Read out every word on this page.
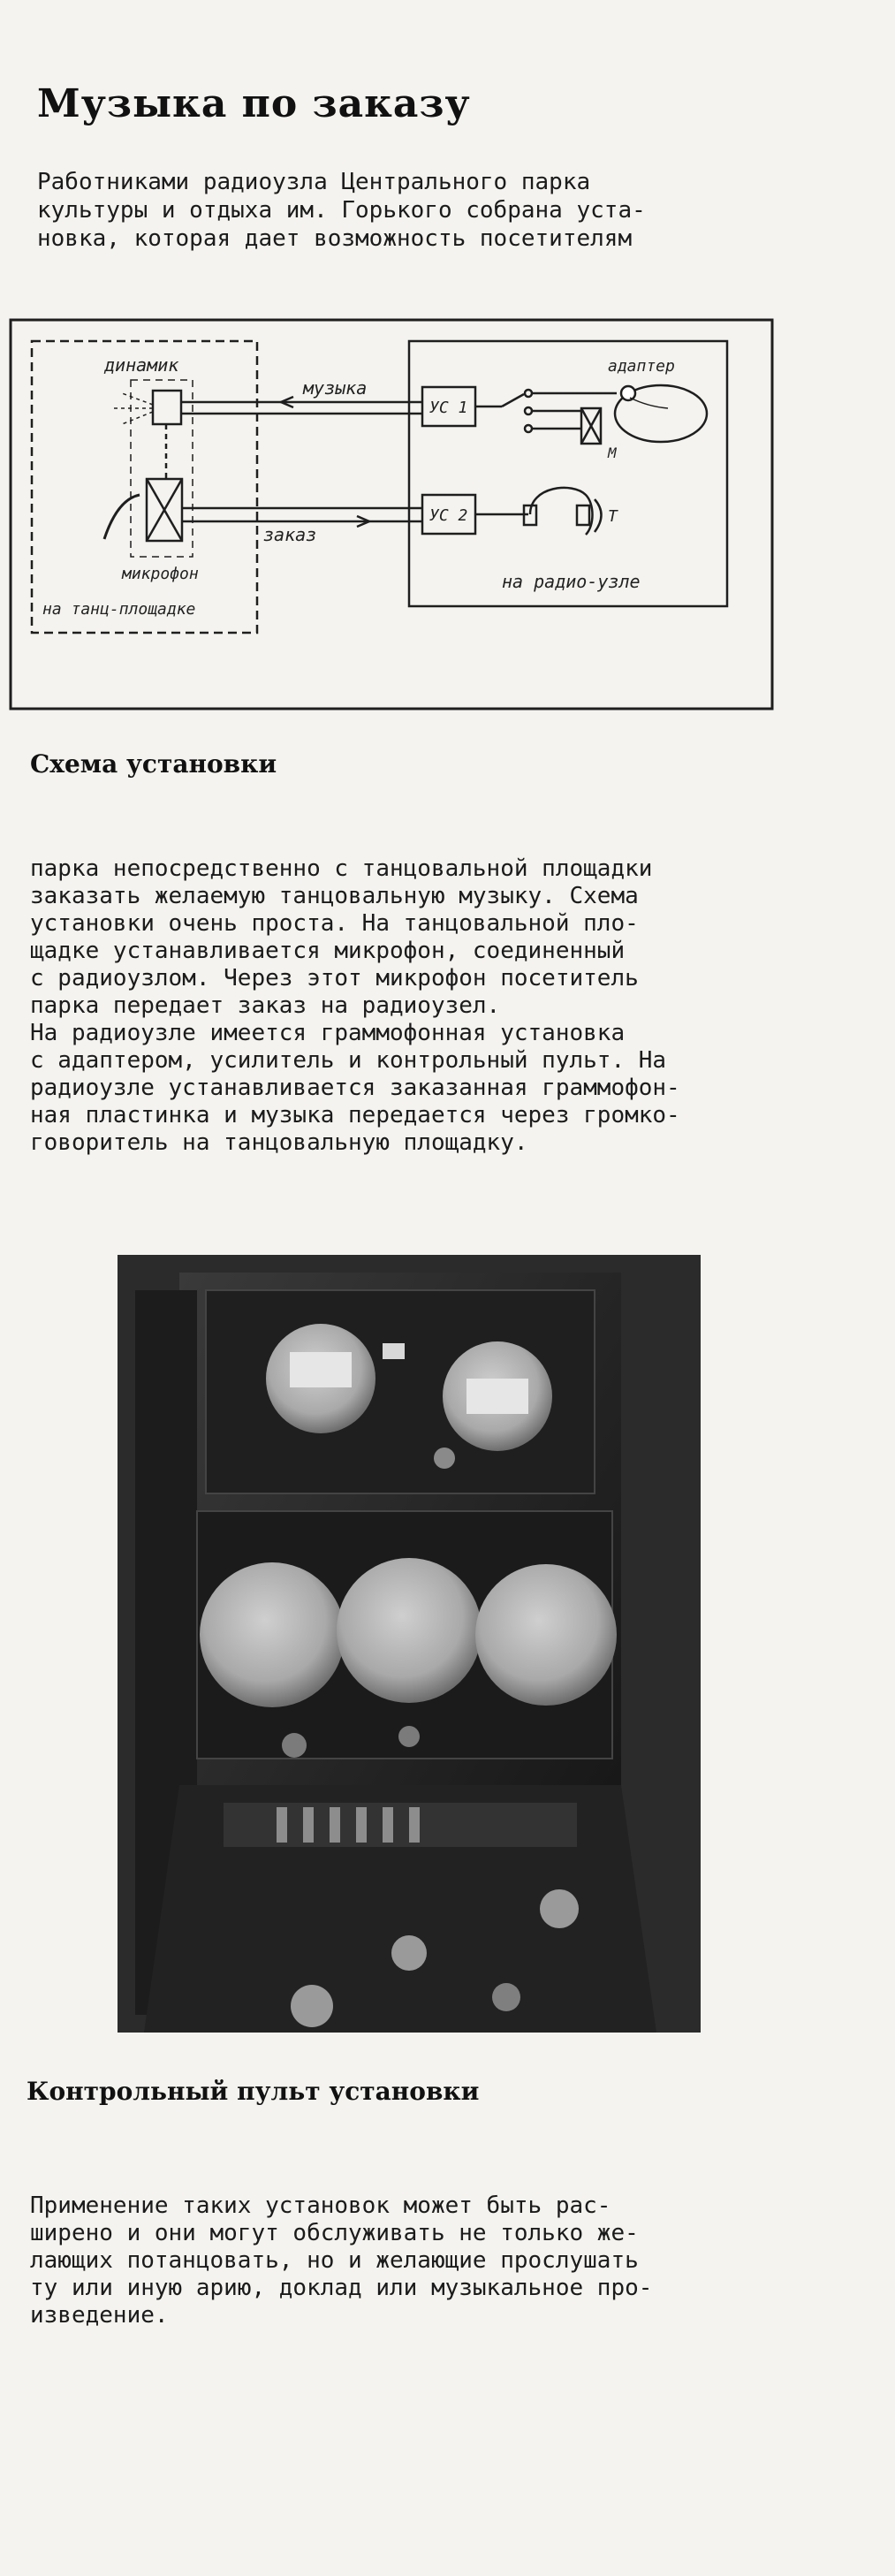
Музыка по заказу
Работниками радиоузла Центрального парка
культуры и отдыха им. Горького собрана уста-
новка, которая дает возможность посетителям
динамик
музыка
УС 1
УС 2
адаптер
М
Т
заказ
микрофон
на танц-площадке
на радио-узле
Схема установки
парка непосредственно с танцовальной площадки
заказать желаемую танцовальную музыку. Схема
установки очень проста. На танцовальной пло-
щадке устанавливается микрофон, соединенный
с радиоузлом. Через этот микрофон посетитель
парка передает заказ на радиоузел.
На радиоузле имеется граммофонная установка
с адаптером, усилитель и контрольный пульт. На
радиоузле устанавливается заказанная граммофон-
ная пластинка и музыка передается через громко-
говоритель на танцовальную площадку.
Контрольный пульт установки
Применение таких установок может быть рас-
ширено и они могут обслуживать не только же-
лающих потанцовать, но и желающие прослушать
ту или иную арию, доклад или музыкальное про-
изведение.
